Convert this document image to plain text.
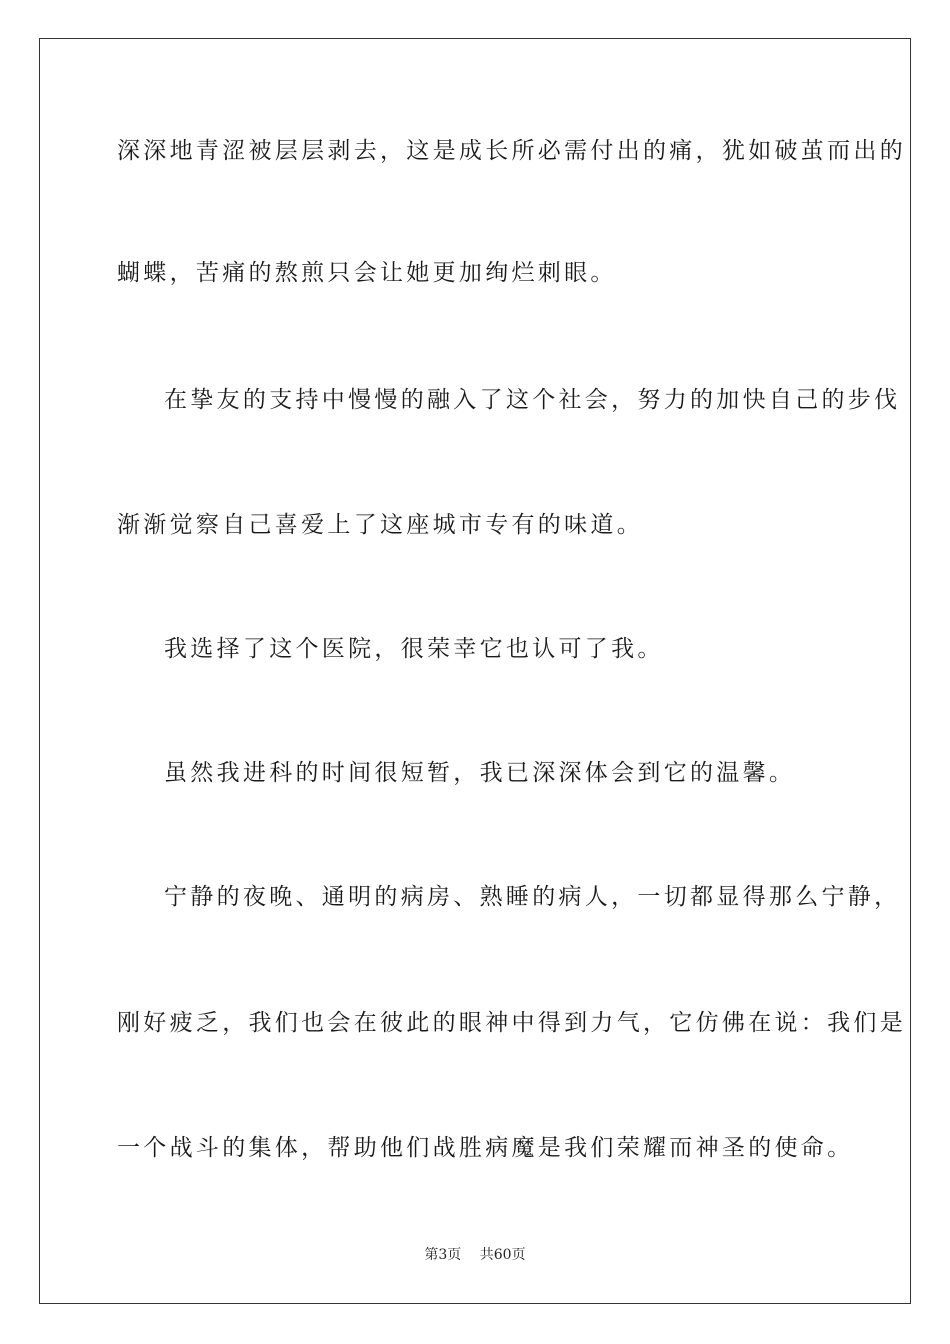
深深地青涩被层层剥去，这是成长所必需付出的痛，犹如破茧而出的
蝴蝶，苦痛的熬煎只会让她更加绚烂刺眼。
在挚友的支持中慢慢的融入了这个社会，努力的加快自己的步伐
渐渐觉察自己喜爱上了这座城市专有的味道。
我选择了这个医院，很荣幸它也认可了我。
虽然我进科的时间很短暂，我已深深体会到它的温馨。
宁静的夜晚、通明的病房、熟睡的病人，一切都显得那么宁静，
刚好疲乏，我们也会在彼此的眼神中得到力气，它仿佛在说：我们是
一个战斗的集体，帮助他们战胜病魔是我们荣耀而神圣的使命。
第3页 共60页
